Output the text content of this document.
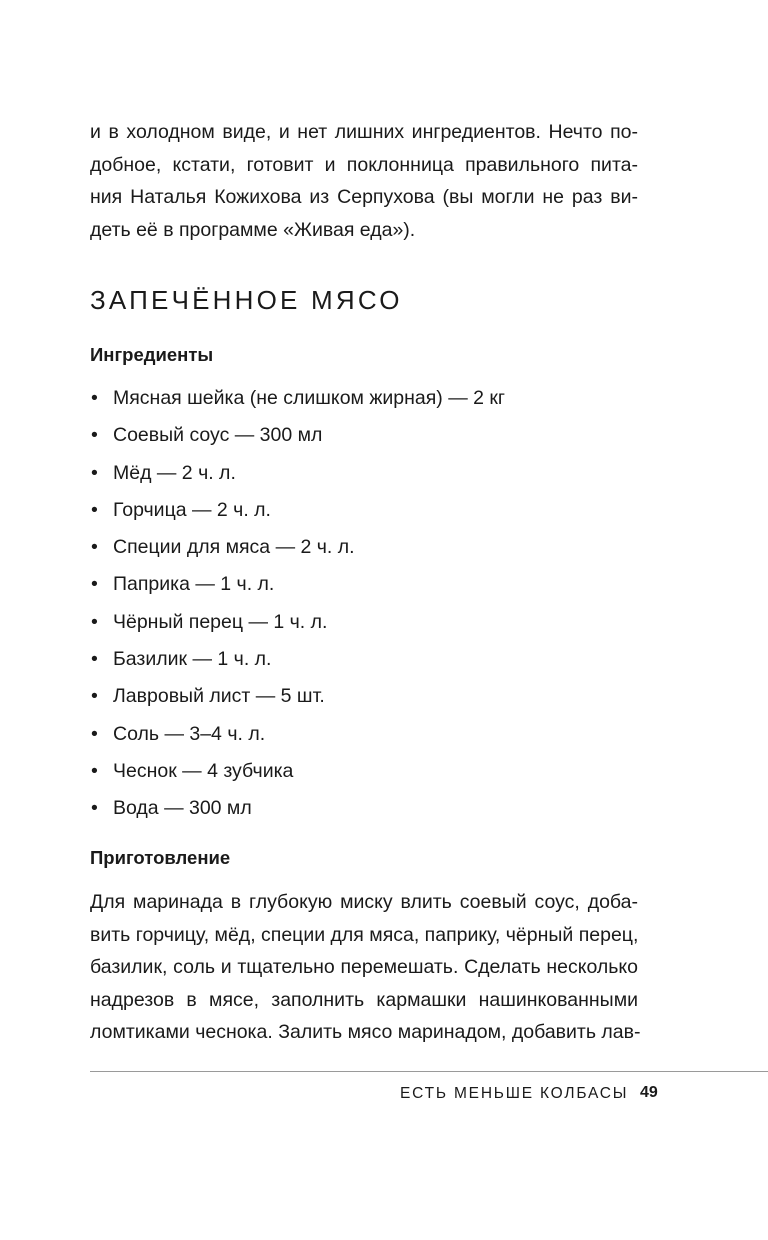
и в холодном виде, и нет лишних ингредиентов. Нечто по-
добное, кстати, готовит и поклонница правильного пита-
ния Наталья Кожихова из Серпухова (вы могли не раз ви-
деть её в программе «Живая еда»).
ЗАПЕЧЁННОЕ МЯСО
Ингредиенты
• Мясная шейка (не слишком жирная) — 2 кг
• Соевый соус — 300 мл
• Мёд — 2 ч. л.
• Горчица — 2 ч. л.
• Специи для мяса — 2 ч. л.
• Паприка — 1 ч. л.
• Чёрный перец — 1 ч. л.
• Базилик — 1 ч. л.
• Лавровый лист — 5 шт.
• Соль — 3–4 ч. л.
• Чеснок — 4 зубчика
• Вода — 300 мл
Приготовление
Для маринада в глубокую миску влить соевый соус, доба-
вить горчицу, мёд, специи для мяса, паприку, чёрный перец,
базилик, соль и тщательно перемешать. Сделать несколько
надрезов в мясе, заполнить кармашки нашинкованными
ломтиками чеснока. Залить мясо маринадом, добавить лав-
ЕСТЬ МЕНЬШЕ КОЛБАСЫ 49
